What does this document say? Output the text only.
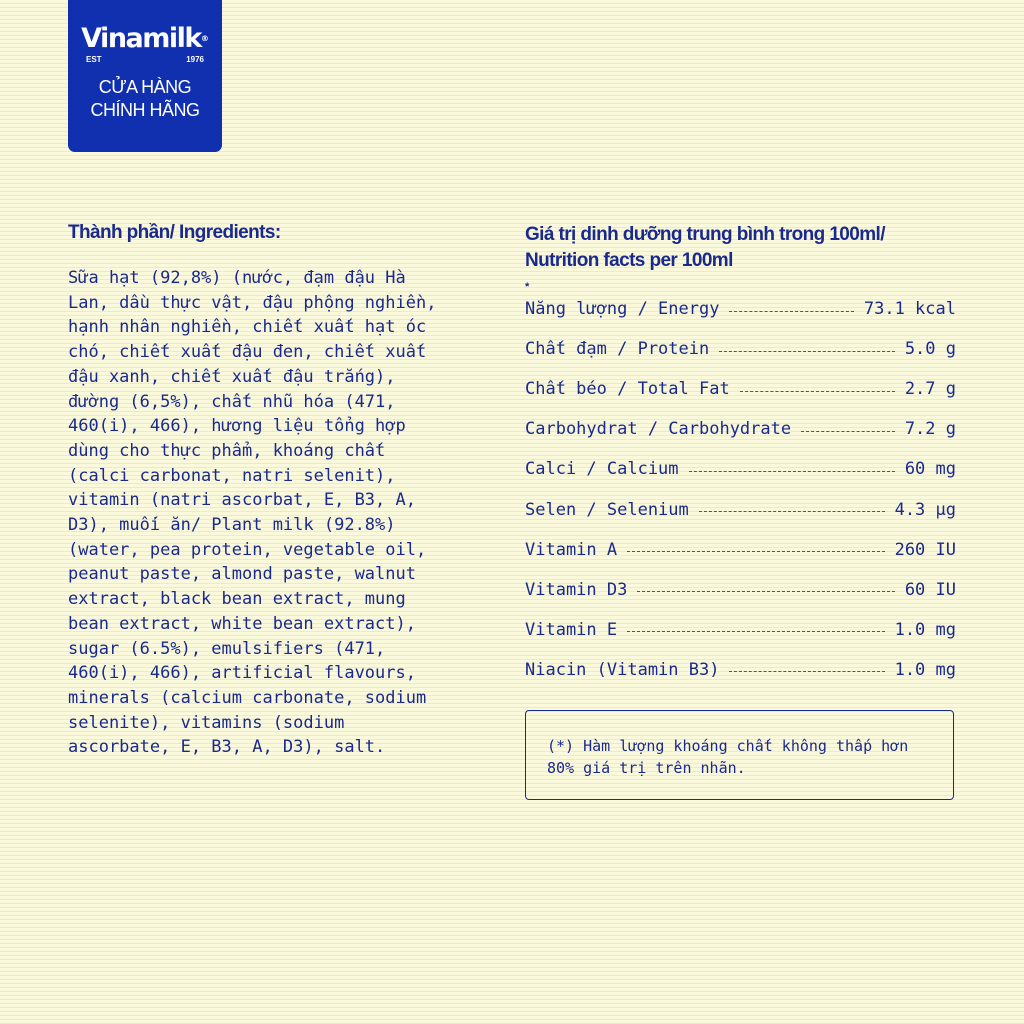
Vinamilk®
EST	1976
CỬA HÀNG
CHÍNH HÃNG
Thành phần/ Ingredients:

Sữa hạt (92,8%) (nước, đạm đậu Hà
Lan, dầu thực vật, đậu phộng nghiền,
hạnh nhân nghiền, chiết xuất hạt óc
chó, chiết xuất đậu đen, chiết xuất
đậu xanh, chiết xuất đậu trắng),
đường (6,5%), chất nhũ hóa (471,
460(i), 466), hương liệu tổng hợp
dùng cho thực phẩm, khoáng chất
(calci carbonat, natri selenit),
vitamin (natri ascorbat, E, B3, A,
D3), muối ăn/ Plant milk (92.8%)
(water, pea protein, vegetable oil,
peanut paste, almond paste, walnut
extract, black bean extract, mung
bean extract, white bean extract),
sugar (6.5%), emulsifiers (471,
460(i), 466), artificial flavours,
minerals (calcium carbonate, sodium
selenite), vitamins (sodium
ascorbate, E, B3, A, D3), salt.

Giá trị dinh dưỡng trung bình trong 100ml/
Nutrition facts per 100ml
*
Năng lượng / Energy	73.1 kcal
Chất đạm / Protein	5.0 g
Chất béo / Total Fat	2.7 g
Carbohydrat / Carbohydrate	7.2 g
Calci / Calcium	60 mg
Selen / Selenium	4.3 µg
Vitamin A	260 IU
Vitamin D3	60 IU
Vitamin E	1.0 mg
Niacin (Vitamin B3)	1.0 mg
(*) Hàm lượng khoáng chất không thấp hơn 80% giá trị trên nhãn.
